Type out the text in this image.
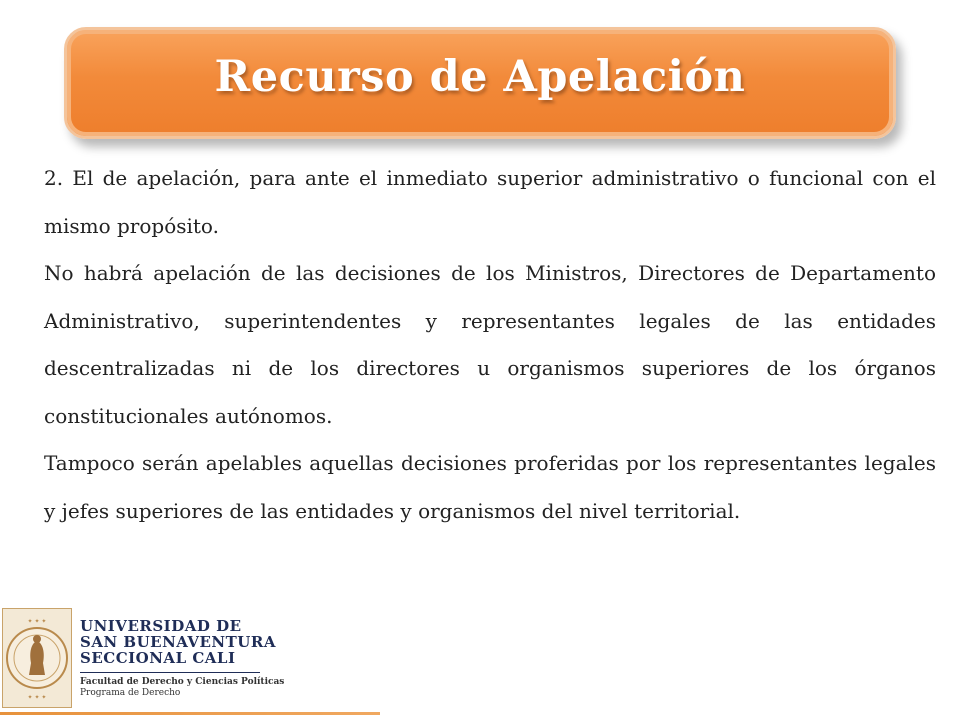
Recurso de Apelación

2. El de apelación, para ante el inmediato superior administrativo o funcional con el mismo propósito.

No habrá apelación de las decisiones de los Ministros, Directores de Departamento Administrativo, superintendentes y representantes legales de las entidades descentralizadas ni de los directores u organismos superiores de los órganos constitucionales autónomos.

Tampoco serán apelables aquellas decisiones proferidas por los representantes legales y jefes superiores de las entidades y organismos del nivel territorial.

✦ ✦ ✦
✦ ✦ ✦
UNIVERSIDAD DE
SAN BUENAVENTURA
SECCIONAL CALI
Facultad de Derecho y Ciencias Políticas
Programa de Derecho
